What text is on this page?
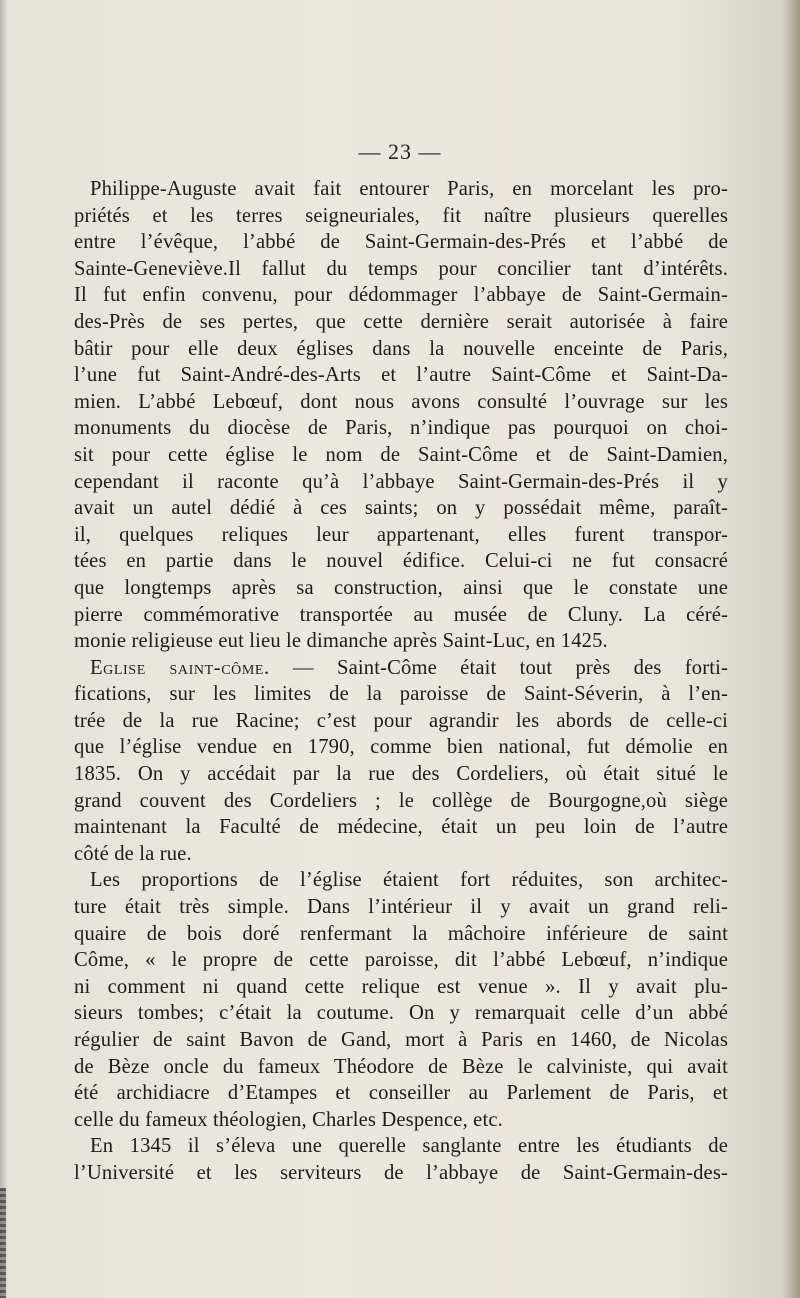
— 23 —
Philippe-Auguste avait fait entourer Paris, en morcelant les pro-
priétés et les terres seigneuriales, fit naître plusieurs querelles
entre l’évêque, l’abbé de Saint-Germain-des-Prés et l’abbé de
Sainte-Geneviève.Il fallut du temps pour concilier tant d’intérêts.
Il fut enfin convenu, pour dédommager l’abbaye de Saint-Germain-
des-Près de ses pertes, que cette dernière serait autorisée à faire
bâtir pour elle deux églises dans la nouvelle enceinte de Paris,
l’une fut Saint-André-des-Arts et l’autre Saint-Côme et Saint-Da-
mien. L’abbé Lebœuf, dont nous avons consulté l’ouvrage sur les
monuments du diocèse de Paris, n’indique pas pourquoi on choi-
sit pour cette église le nom de Saint-Côme et de Saint-Damien,
cependant il raconte qu’à l’abbaye Saint-Germain-des-Prés il y
avait un autel dédié à ces saints; on y possédait même, paraît-
il, quelques reliques leur appartenant, elles furent transpor-
tées en partie dans le nouvel édifice. Celui-ci ne fut consacré
que longtemps après sa construction, ainsi que le constate une
pierre commémorative transportée au musée de Cluny. La céré-
monie religieuse eut lieu le dimanche après Saint-Luc, en 1425.
Eglise saint-côme. — Saint-Côme était tout près des forti-
fications, sur les limites de la paroisse de Saint-Séverin, à l’en-
trée de la rue Racine; c’est pour agrandir les abords de celle-ci
que l’église vendue en 1790, comme bien national, fut démolie en
1835. On y accédait par la rue des Cordeliers, où était situé le
grand couvent des Cordeliers ; le collège de Bourgogne,où siège
maintenant la Faculté de médecine, était un peu loin de l’autre
côté de la rue.
Les proportions de l’église étaient fort réduites, son architec-
ture était très simple. Dans l’intérieur il y avait un grand reli-
quaire de bois doré renfermant la mâchoire inférieure de saint
Côme, « le propre de cette paroisse, dit l’abbé Lebœuf, n’indique
ni comment ni quand cette relique est venue ». Il y avait plu-
sieurs tombes; c’était la coutume. On y remarquait celle d’un abbé
régulier de saint Bavon de Gand, mort à Paris en 1460, de Nicolas
de Bèze oncle du fameux Théodore de Bèze le calviniste, qui avait
été archidiacre d’Etampes et conseiller au Parlement de Paris, et
celle du fameux théologien, Charles Despence, etc.
En 1345 il s’éleva une querelle sanglante entre les étudiants de
l’Université et les serviteurs de l’abbaye de Saint-Germain-des-
